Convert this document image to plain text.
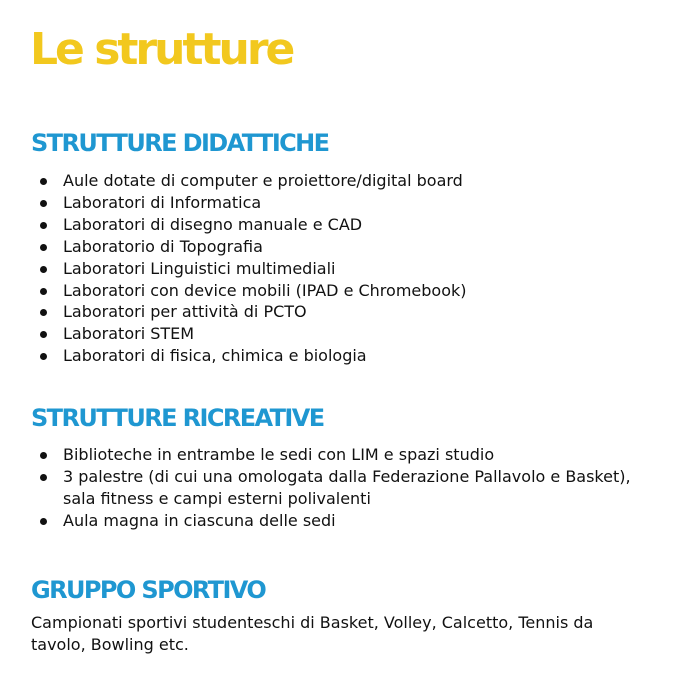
Le strutture
STRUTTURE DIDATTICHE
Aule dotate di computer e proiettore/digital board
Laboratori di Informatica
Laboratori di disegno manuale e CAD
Laboratorio di Topografia
Laboratori Linguistici multimediali
Laboratori con device mobili (IPAD e Chromebook)
Laboratori per attività di PCTO
Laboratori STEM
Laboratori di fisica, chimica e biologia
STRUTTURE RICREATIVE
Biblioteche in entrambe le sedi con LIM e spazi studio
3 palestre (di cui una omologata dalla Federazione Pallavolo e Basket), sala fitness e campi esterni polivalenti
Aula magna in ciascuna delle sedi
GRUPPO SPORTIVO

Campionati sportivi studenteschi di Basket, Volley, Calcetto, Tennis da tavolo, Bowling etc.
